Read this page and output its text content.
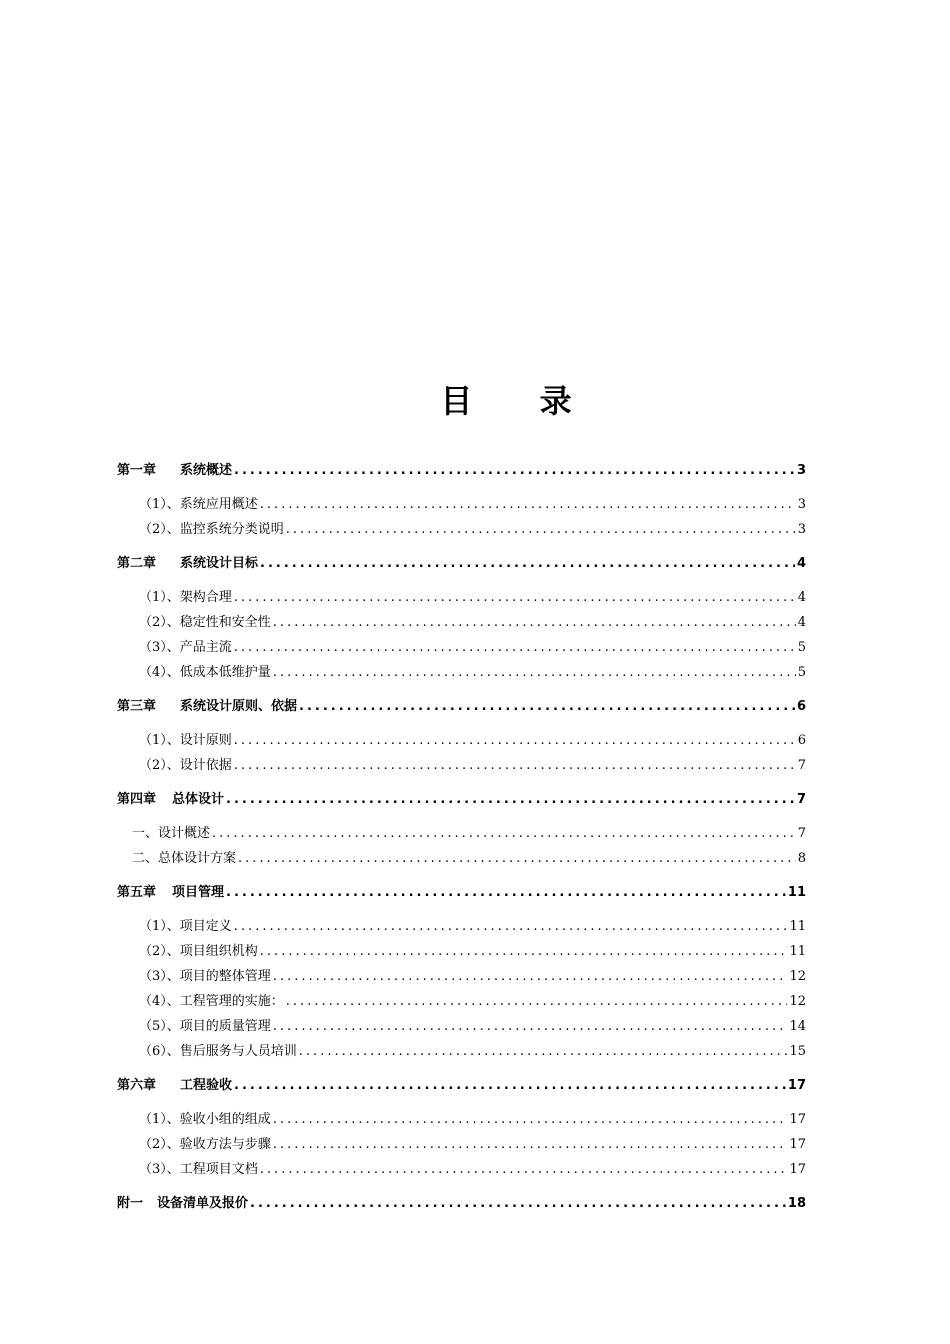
目 录
第一章 系统概述 .....	3
（1）、系统应用概述 .....	3
（2）、监控系统分类说明 .....	3
第二章 系统设计目标 .....	4
（1）、架构合理 .....	4
（2）、稳定性和安全性 .....	4
（3）、产品主流 .....	5
（4）、低成本低维护量 .....	5
第三章 系统设计原则、依据 .....	6
（1）、设计原则 .....	6
（2）、设计依据 .....	7
第四章 总体设计 .....	7
一、设计概述 .....	7
二、总体设计方案 .....	8
第五章 项目管理 .....	11
（1）、项目定义 .....	11
（2）、项目组织机构 .....	11
（3）、项目的整体管理 .....	12
（4）、工程管理的实施： .....	12
（5）、项目的质量管理 .....	14
（6）、售后服务与人员培训 .....	15
第六章 工程验收 .....	17
（1）、验收小组的组成 .....	17
（2）、验收方法与步骤 .....	17
（3）、工程项目文档 .....	17
附一 设备清单及报价 .....	18
